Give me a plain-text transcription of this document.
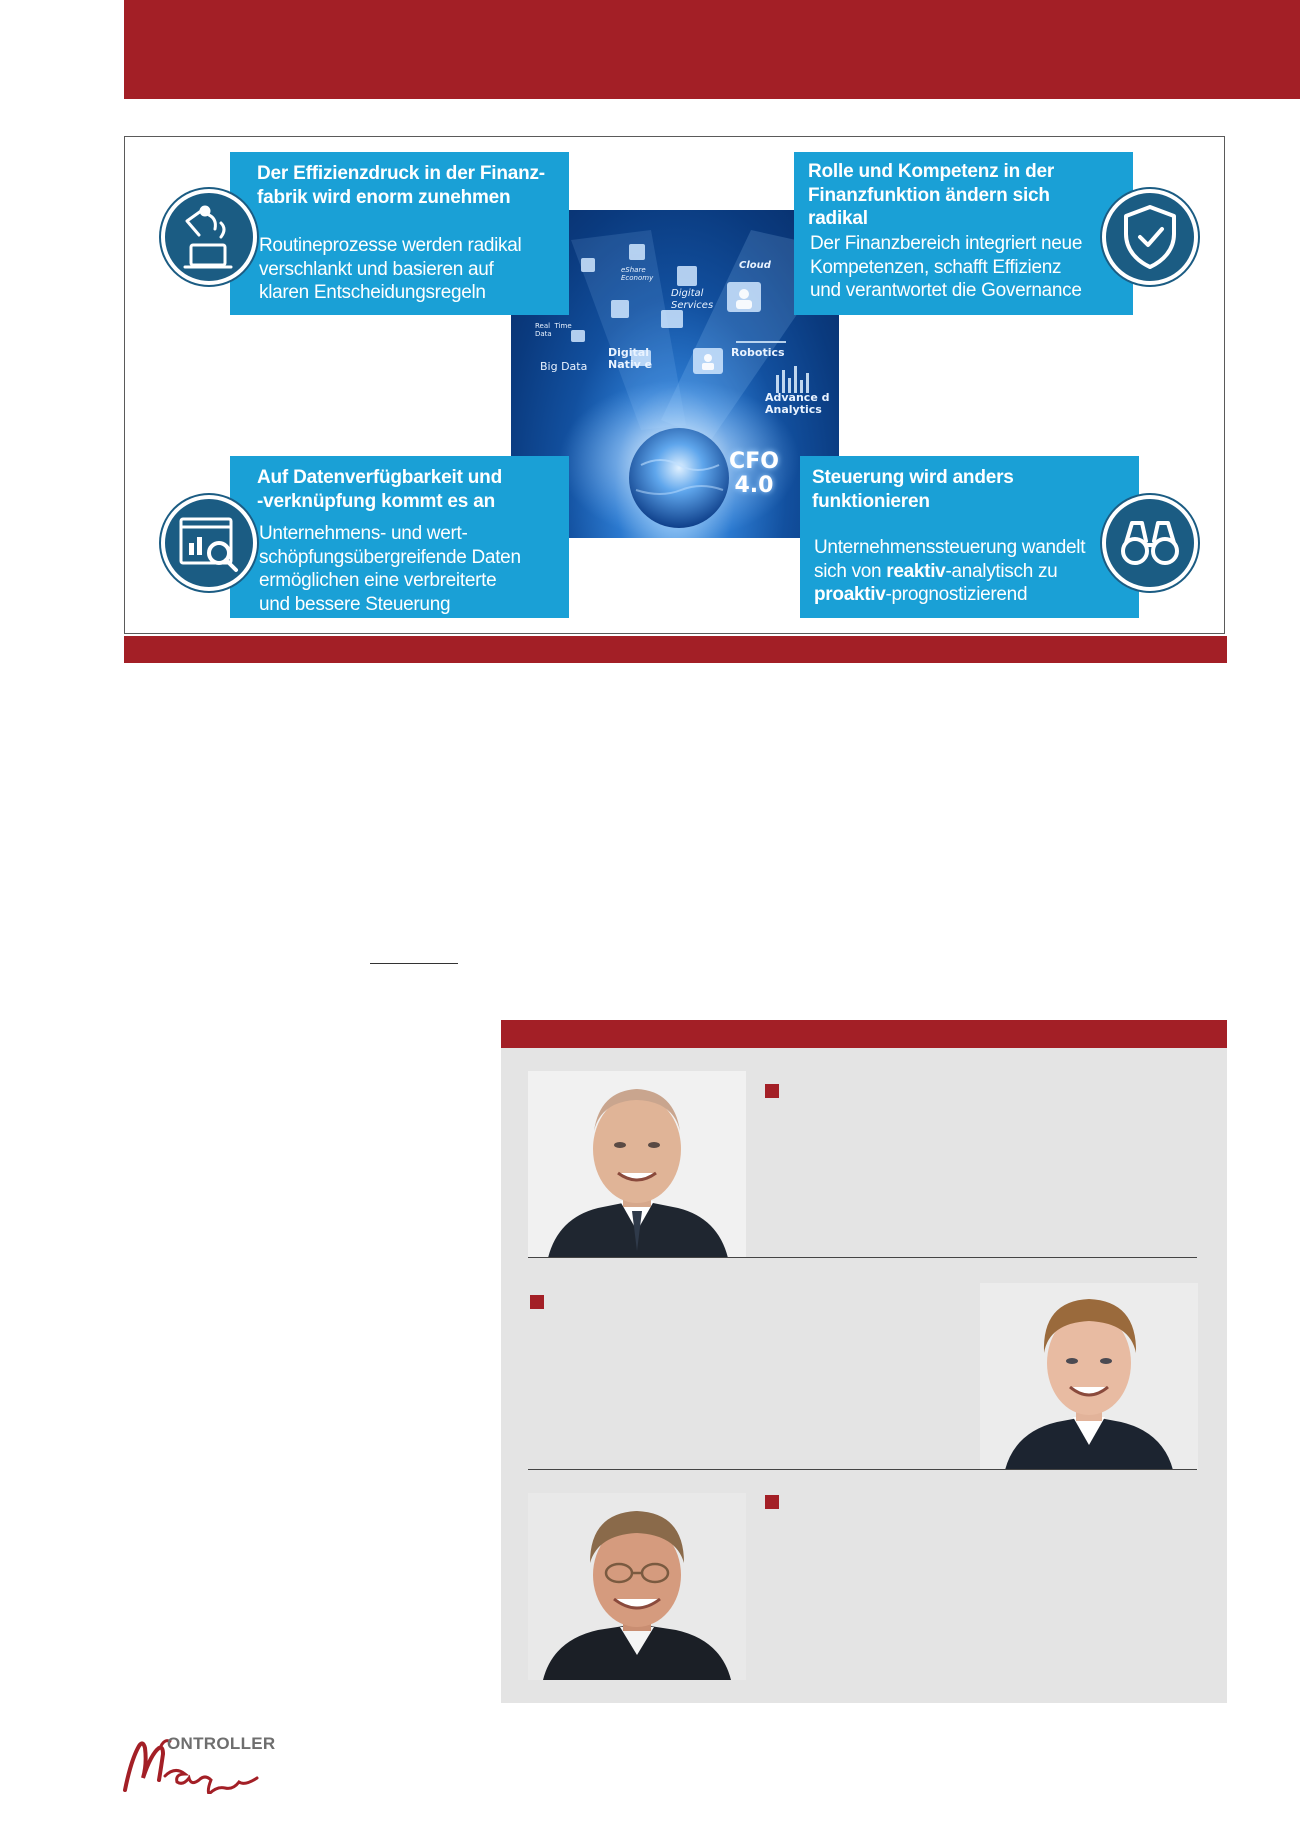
Cloud
eShare
Economy
Digital
Services
Real  Time
Data
Digital
Nativ e
Robotics
Big Data
Advance d
Analytics
CFO
4.0
Der Effizienzdruck in der Finanz-
fabrik wird enorm zunehmen
Routineprozesse werden radikal
verschlankt und basieren auf
klaren Entscheidungsregeln
Rolle und Kompetenz in der
Finanzfunktion ändern sich
radikal
Der Finanzbereich integriert neue
Kompetenzen, schafft Effizienz
und verantwortet die Governance
Auf Datenverfügbarkeit und
-verknüpfung kommt es an
Unternehmens- und wert-
schöpfungsübergreifende Daten
ermöglichen eine verbreiterte
und bessere Steuerung
Steuerung wird anders
funktionieren
Unternehmenssteuerung wandelt
sich von reaktiv-analytisch zu
proaktiv-prognostizierend
ONTROLLER
